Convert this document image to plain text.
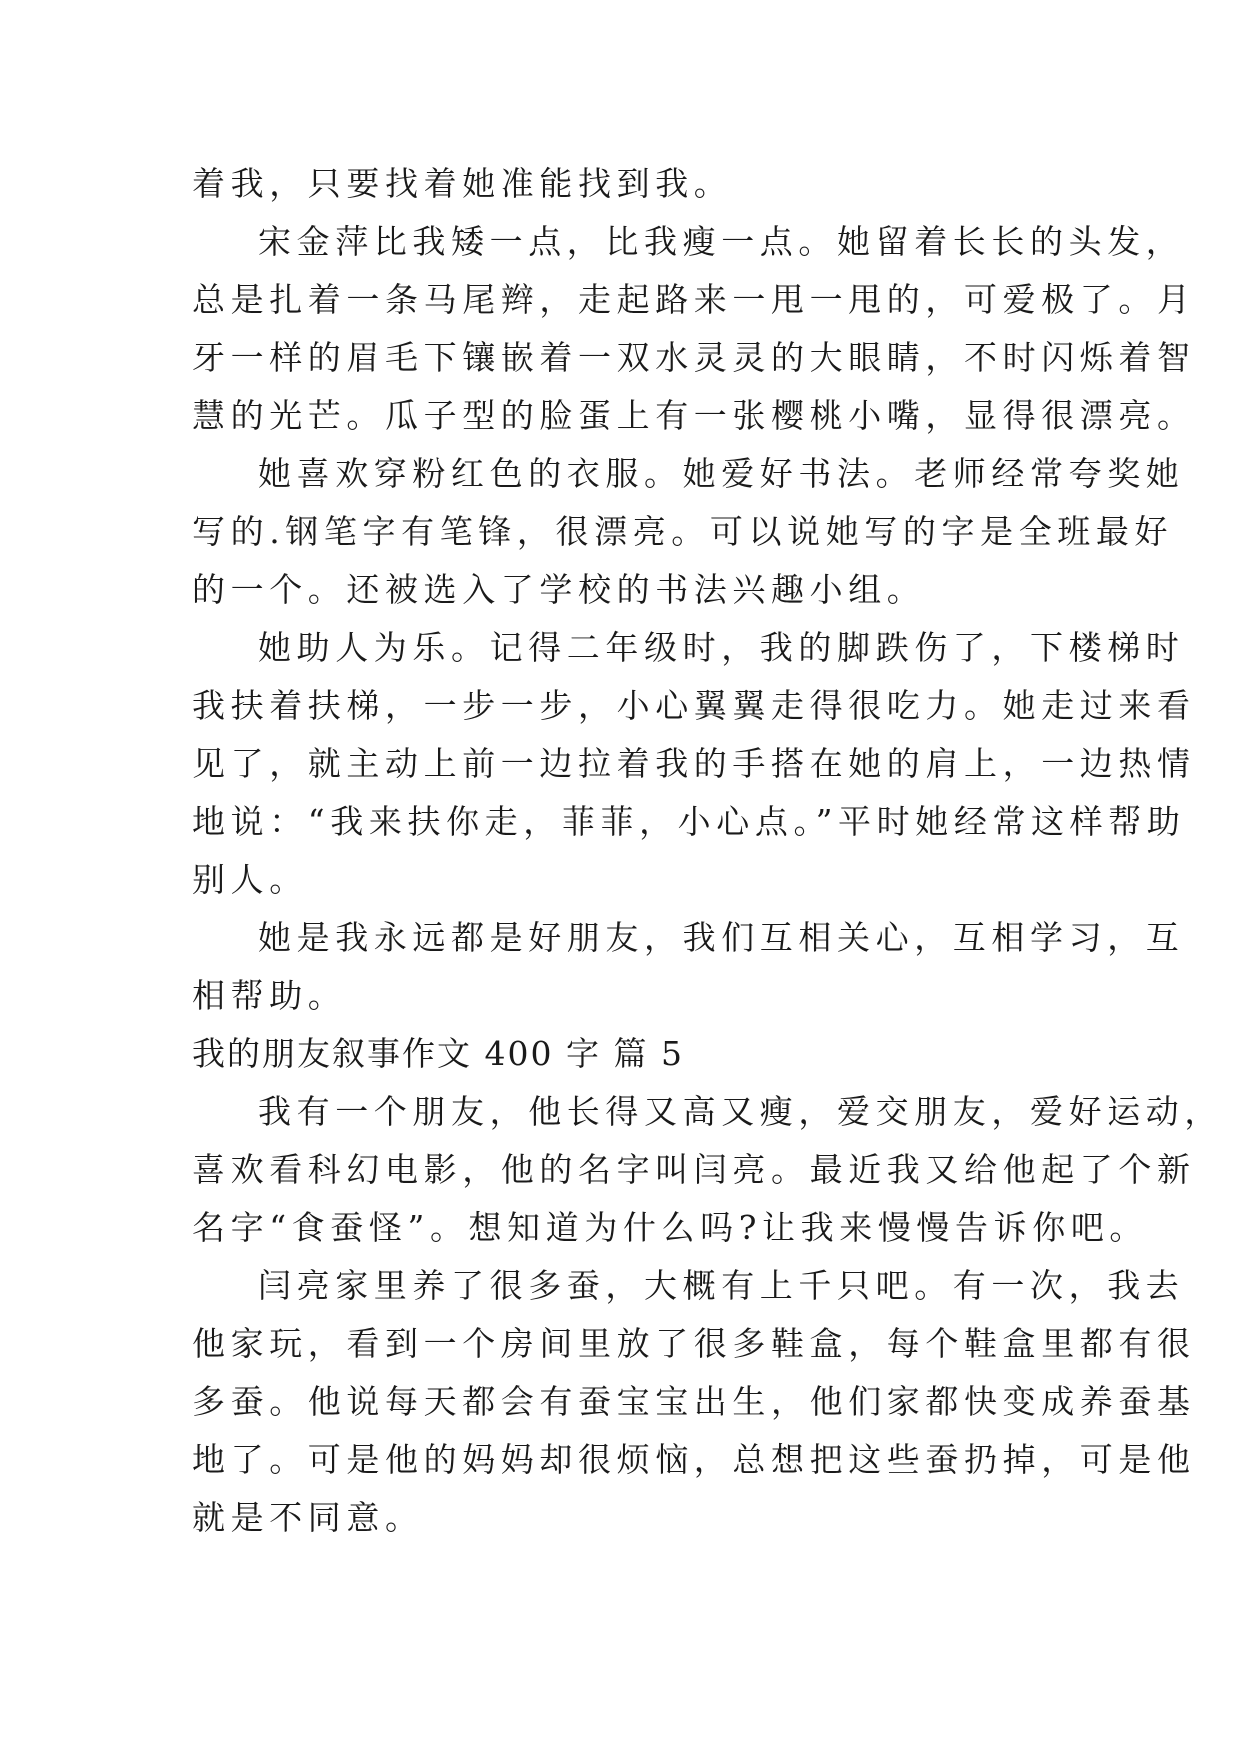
着我，只要找着她准能找到我。
宋金萍比我矮一点，比我瘦一点。她留着长长的头发，
总是扎着一条马尾辫，走起路来一甩一甩的，可爱极了。月
牙一样的眉毛下镶嵌着一双水灵灵的大眼睛，不时闪烁着智
慧的光芒。瓜子型的脸蛋上有一张樱桃小嘴，显得很漂亮。
她喜欢穿粉红色的衣服。她爱好书法。老师经常夸奖她
写的.钢笔字有笔锋，很漂亮。可以说她写的字是全班最好
的一个。还被选入了学校的书法兴趣小组。
她助人为乐。记得二年级时，我的脚跌伤了，下楼梯时
我扶着扶梯，一步一步，小心翼翼走得很吃力。她走过来看
见了，就主动上前一边拉着我的手搭在她的肩上，一边热情
地说：“我来扶你走，菲菲，小心点。”平时她经常这样帮助
别人。
她是我永远都是好朋友，我们互相关心，互相学习，互
相帮助。
我的朋友叙事作文 400 字 篇 5
我有一个朋友，他长得又高又瘦，爱交朋友，爱好运动，
喜欢看科幻电影，他的名字叫闫亮。最近我又给他起了个新
名字“食蚕怪”。想知道为什么吗?让我来慢慢告诉你吧。
闫亮家里养了很多蚕，大概有上千只吧。有一次，我去
他家玩，看到一个房间里放了很多鞋盒，每个鞋盒里都有很
多蚕。他说每天都会有蚕宝宝出生，他们家都快变成养蚕基
地了。可是他的妈妈却很烦恼，总想把这些蚕扔掉，可是他
就是不同意。
